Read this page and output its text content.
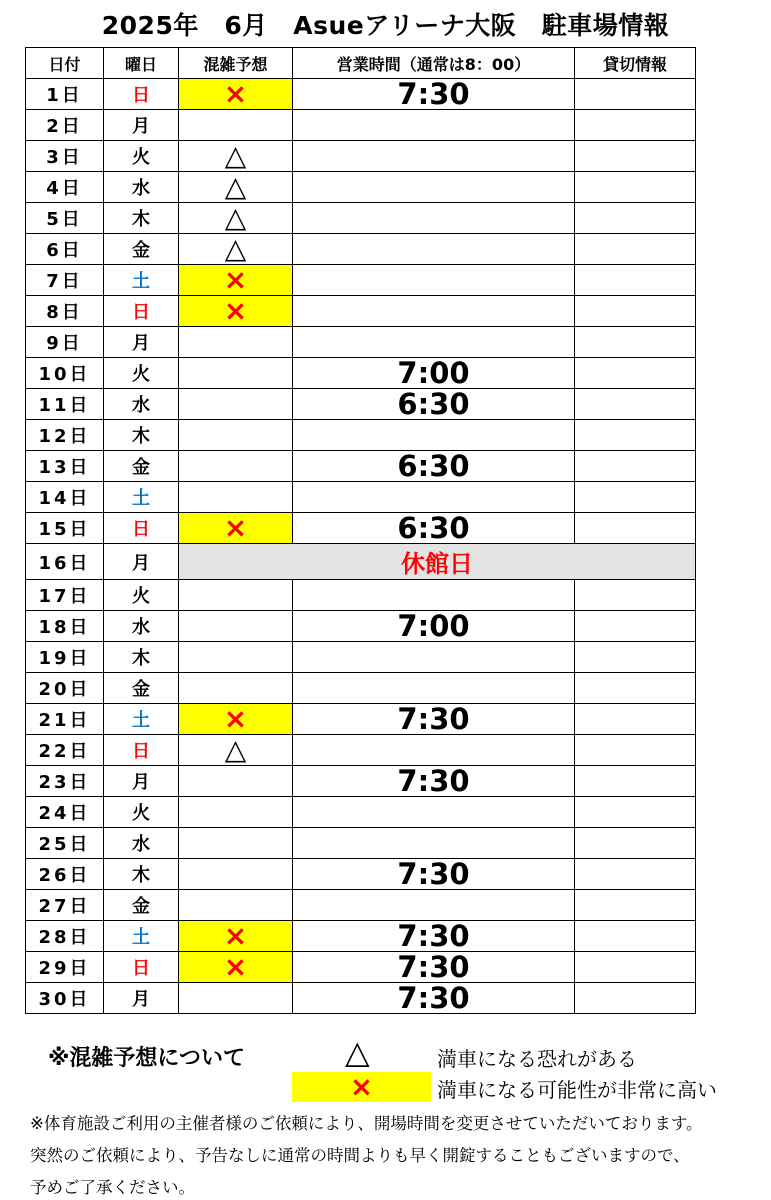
2025年　6月　Asueアリーナ大阪　駐車場情報
日付	曜日	混雑予想	営業時間（通常は8：00）	貸切情報
1日	日	×	7:30	
2日	月			
3日	火	△		
4日	水	△		
5日	木	△		
6日	金	△		
7日	土	×		
8日	日	×		
9日	月			
10日	火		7:00	
11日	水		6:30	
12日	木			
13日	金		6:30	
14日	土			
15日	日	×	6:30	
16日	月	休館日		
17日	火			
18日	水		7:00	
19日	木			
20日	金			
21日	土	×	7:30	
22日	日	△		
23日	月		7:30	
24日	火			
25日	水			
26日	木		7:30	
27日	金			
28日	土	×	7:30	
29日	日	×	7:30	
30日	月		7:30	
※混雑予想について	△	満車になる恐れがある
×	満車になる可能性が非常に高い
※体育施設ご利用の主催者様のご依頼により、開場時間を変更させていただいております。
突然のご依頼により、予告なしに通常の時間よりも早く開錠することもございますので、
予めご了承ください。
